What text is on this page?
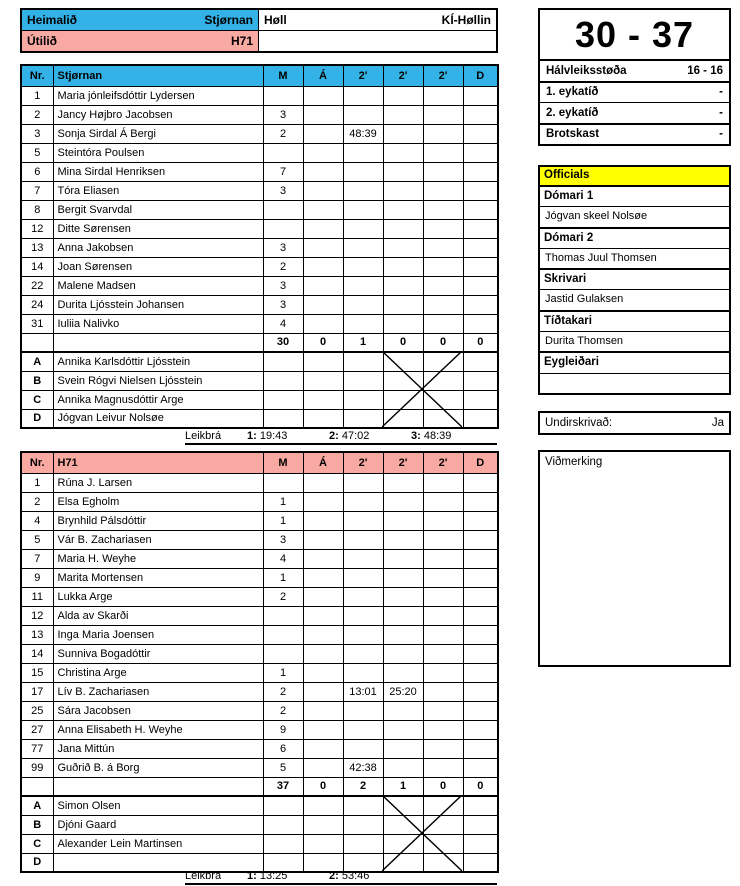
Heimalið	Stjørnan Høll	KÍ-Høllin
Útilið	H71	30 - 37
Hálvleiksstøða	16 - 16
1. eykatíð	-
2. eykatíð	-
Brotskast	-
Nr.	Stjørnan	M	Á	2'	2'	2'	D
1	Maria jónleifsdóttir Lydersen						
2	Jancy Højbro Jacobsen	3					
3	Sonja Sirdal Á Bergi	2		48:39			
5	Steintóra Poulsen						
6	Mina Sirdal Henriksen	7					
7	Tóra Eliasen	3					
8	Bergit Svarvdal						
12	Ditte Sørensen						
13	Anna Jakobsen	3					
14	Joan Sørensen	2					
22	Malene Madsen	3					
24	Durita Ljósstein Johansen	3					
31	Iuliia Nalivko	4					
		30	0	1	0	0	0
A	Annika Karlsdóttir Ljósstein						
B	Svein Rógvi Nielsen Ljósstein						
C	Annika Magnusdóttir Arge						
D	Jógvan Leivur Nolsøe						
Leikbrá	1: 19:43	2: 47:02	3: 48:39
Nr.	H71	M	Á	2'	2'	2'	D
1	Rúna J. Larsen						
2	Elsa Egholm	1					
4	Brynhild Pálsdóttir	1					
5	Vár B. Zachariasen	3					
7	Maria H. Weyhe	4					
9	Marita Mortensen	1					
11	Lukka Arge	2					
12	Alda av Skarði						
13	Inga Maria Joensen						
14	Sunniva Bogadóttir						
15	Christina Arge	1					
17	Lív B. Zachariasen	2		13:01	25:20		
25	Sára Jacobsen	2					
27	Anna Elisabeth H. Weyhe	9					
77	Jana Mittún	6					
99	Guðrið B. á Borg	5		42:38			
		37	0	2	1	0	0
A	Simon Olsen						
B	Djóni Gaard						
C	Alexander Lein Martinsen						
D							
Leikbrá	1: 13:25	2: 53:46
Officials
Dómari 1
Jógvan skeel Nolsøe
Dómari 2
Thomas Juul Thomsen
Skrivari
Jastid Gulaksen
Tíðtakari
Durita Thomsen
Eygleiðari
Undirskrivað:	Ja
Viðmerking
